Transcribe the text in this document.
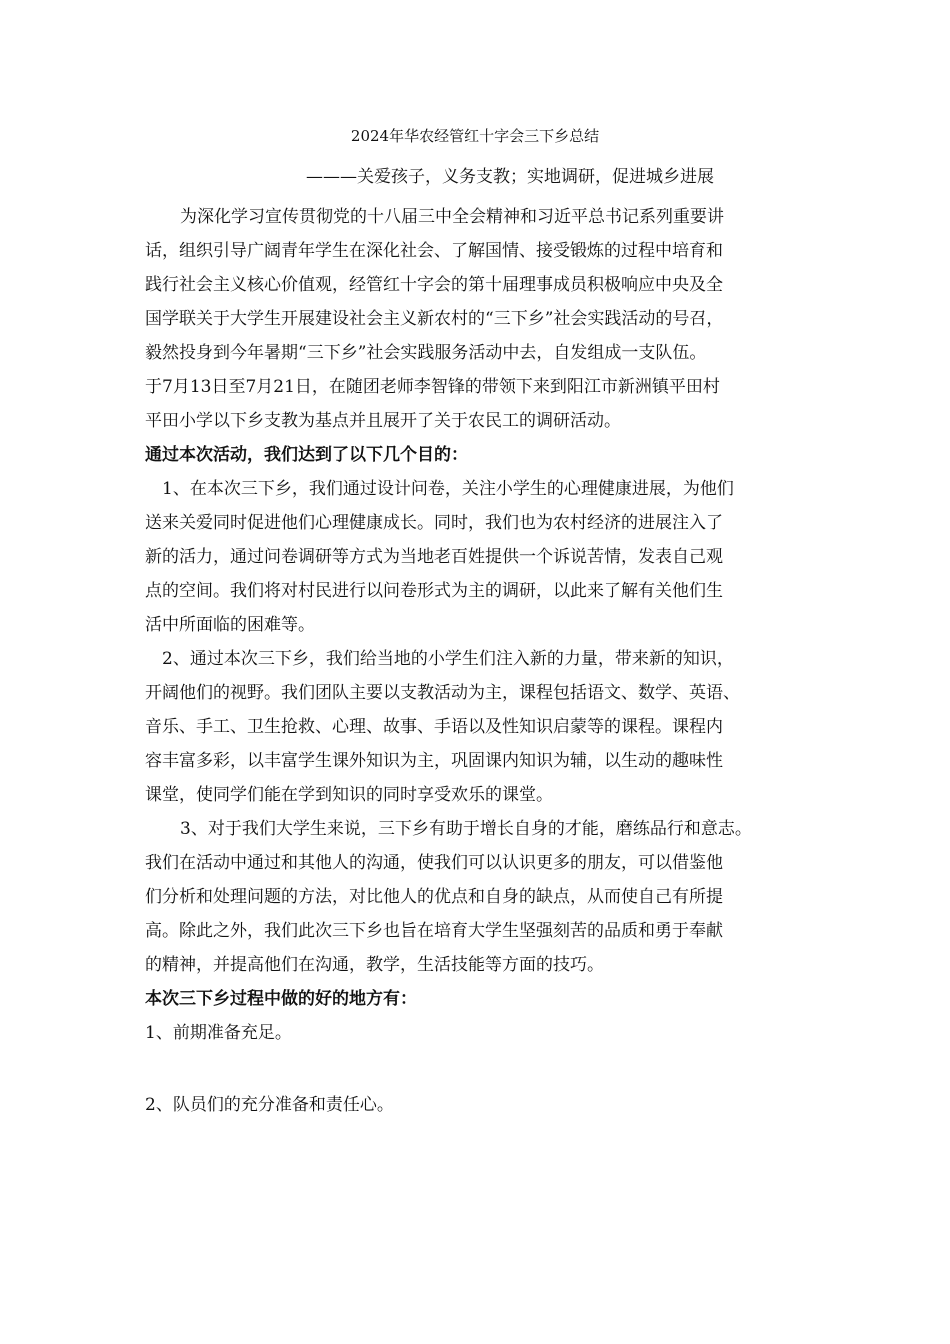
2024年华农经管红十字会三下乡总结
———关爱孩子，义务支教；实地调研，促进城乡进展
为深化学习宣传贯彻党的十八届三中全会精神和习近平总书记系列重要讲
话，组织引导广阔青年学生在深化社会、了解国情、接受锻炼的过程中培育和
践行社会主义核心价值观，经管红十字会的第十届理事成员积极响应中央及全
国学联关于大学生开展建设社会主义新农村的“三下乡”社会实践活动的号召，
毅然投身到今年暑期“三下乡”社会实践服务活动中去，自发组成一支队伍。
于7月13日至7月21日，在随团老师李智锋的带领下来到阳江市新洲镇平田村
平田小学以下乡支教为基点并且展开了关于农民工的调研活动。
通过本次活动，我们达到了以下几个目的：
1、在本次三下乡，我们通过设计问卷，关注小学生的心理健康进展，为他们
送来关爱同时促进他们心理健康成长。同时，我们也为农村经济的进展注入了
新的活力，通过问卷调研等方式为当地老百姓提供一个诉说苦情，发表自己观
点的空间。我们将对村民进行以问卷形式为主的调研，以此来了解有关他们生
活中所面临的困难等。
2、通过本次三下乡，我们给当地的小学生们注入新的力量，带来新的知识，
开阔他们的视野。我们团队主要以支教活动为主，课程包括语文、数学、英语、
音乐、手工、卫生抢救、心理、故事、手语以及性知识启蒙等的课程。课程内
容丰富多彩，以丰富学生课外知识为主，巩固课内知识为辅，以生动的趣味性
课堂，使同学们能在学到知识的同时享受欢乐的课堂。
3、对于我们大学生来说，三下乡有助于增长自身的才能，磨练品行和意志。
我们在活动中通过和其他人的沟通，使我们可以认识更多的朋友，可以借鉴他
们分析和处理问题的方法，对比他人的优点和自身的缺点，从而使自己有所提
高。除此之外，我们此次三下乡也旨在培育大学生坚强刻苦的品质和勇于奉献
的精神，并提高他们在沟通，教学，生活技能等方面的技巧。
本次三下乡过程中做的好的地方有：
1、前期准备充足。
2、队员们的充分准备和责任心。
